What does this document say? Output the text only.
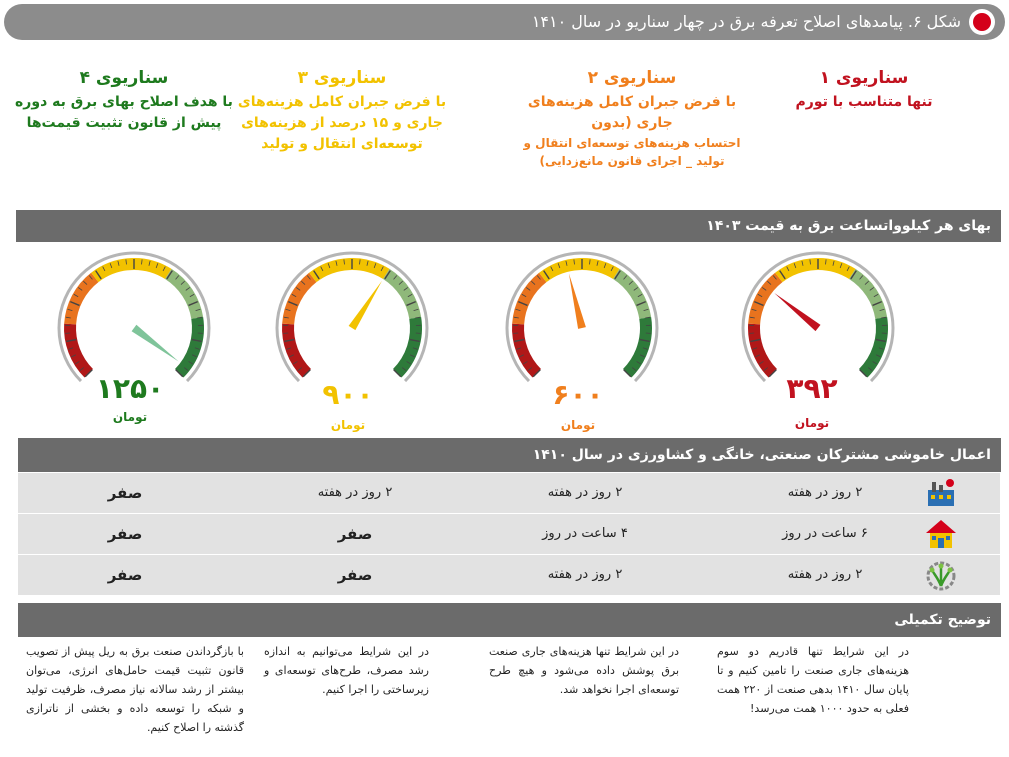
شکل ۶. پیامدهای اصلاح تعرفه برق در چهار سناریو در سال ۱۴۱۰
سناریوی ۱
تنها متناسب با تورم
سناریوی ۲
با فرض جبران کامل هزینه‌های جاری (بدون
احتساب هزینه‌های توسعه‌ای انتقال و تولید _ اجرای قانون مانع‌زدایی)
سناریوی ۳
با فرض جبران کامل هزینه‌های جاری و ۱۵ درصد از هزینه‌های توسعه‌ای انتقال و تولید
سناریوی ۴
با هدف اصلاح بهای برق به دوره پیش از قانون تثبیت قیمت‌ها
بهای هر کیلوواتساعت برق به قیمت ۱۴۰۳
۳۹۲
تومان
۶۰۰
تومان
۹۰۰
تومان
۱۲۵۰
تومان
اعمال خاموشی مشترکان صنعتی، خانگی و کشاورزی در سال ۱۴۱۰
۲ روز در هفته
۲ روز در هفته
۲ روز در هفته
صفر
۶ ساعت در روز
۴ ساعت در روز
صفر
صفر
۲ روز در هفته
۲ روز در هفته
صفر
صفر
توضیح تکمیلی
در این شرایط تنها قادریم دو سوم هزینه‌های جاری صنعت را تامین کنیم و تا پایان سال ۱۴۱۰ بدهی صنعت از ۲۲۰ همت فعلی به حدود ۱۰۰۰ همت می‌رسد!
در این شرایط تنها هزینه‌های جاری صنعت برق پوشش داده می‌شود و هیچ طرح توسعه‌ای اجرا نخواهد شد.
در این شرایط می‌توانیم به اندازه رشد مصرف، طرح‌های توسعه‌ای و زیرساختی را اجرا کنیم.
با بازگرداندن صنعت برق به ریل پیش از تصویب قانون تثبیت قیمت حامل‌های انرژی، می‌توان بیشتر از رشد سالانه نیاز مصرف، ظرفیت تولید و شبکه را توسعه داده و بخشی از ناترازی گذشته را اصلاح کنیم.
